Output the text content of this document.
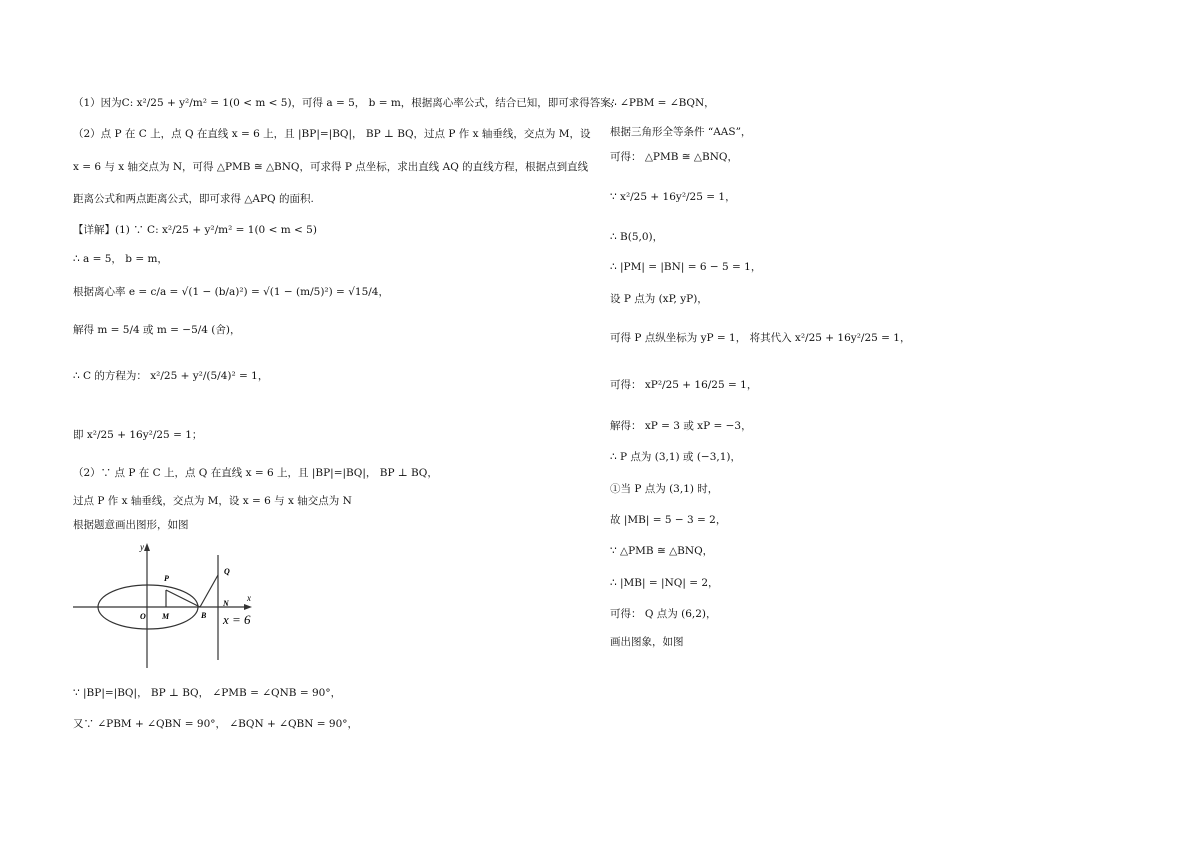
（1）因为C: x²/25 + y²/m² = 1(0 < m < 5)，可得 a = 5， b = m，根据离心率公式，结合已知，即可求得答案;
（2）点 P 在 C 上，点 Q 在直线 x = 6 上，且 |BP|=|BQ|， BP ⊥ BQ，过点 P 作 x 轴垂线，交点为 M，设
x = 6 与 x 轴交点为 N，可得 △PMB ≅ △BNQ，可求得 P 点坐标，求出直线 AQ 的直线方程，根据点到直线
距离公式和两点距离公式，即可求得 △APQ 的面积.
【详解】(1) ∵ C: x²/25 + y²/m² = 1(0 < m < 5)
∴ a = 5， b = m，
根据离心率 e = c/a = √(1 − (b/a)²) = √(1 − (m/5)²) = √15/4，
解得 m = 5/4 或 m = −5/4 (舍)，
∴ C 的方程为： x²/25 + y²/(5/4)² = 1，
即 x²/25 + 16y²/25 = 1；
（2）∵ 点 P 在 C 上，点 Q 在直线 x = 6 上，且 |BP|=|BQ|， BP ⊥ BQ，
过点 P 作 x 轴垂线，交点为 M，设 x = 6 与 x 轴交点为 N
根据题意画出图形，如图
y
x
O M	B
P
Q
N
x = 6
∵ |BP|=|BQ|， BP ⊥ BQ， ∠PMB = ∠QNB = 90°，
又∵ ∠PBM + ∠QBN = 90°， ∠BQN + ∠QBN = 90°，
∴ ∠PBM = ∠BQN，
根据三角形全等条件 “AAS”，
可得： △PMB ≅ △BNQ，
∵ x²/25 + 16y²/25 = 1，
∴ B(5,0)，
∴ |PM| = |BN| = 6 − 5 = 1，
设 P 点为 (xP, yP)，
可得 P 点纵坐标为 yP = 1， 将其代入 x²/25 + 16y²/25 = 1，
可得： xP²/25 + 16/25 = 1，
解得： xP = 3 或 xP = −3，
∴ P 点为 (3,1) 或 (−3,1)，
①当 P 点为 (3,1) 时，
故 |MB| = 5 − 3 = 2，
∵ △PMB ≅ △BNQ，
∴ |MB| = |NQ| = 2，
可得： Q 点为 (6,2)，
画出图象，如图
